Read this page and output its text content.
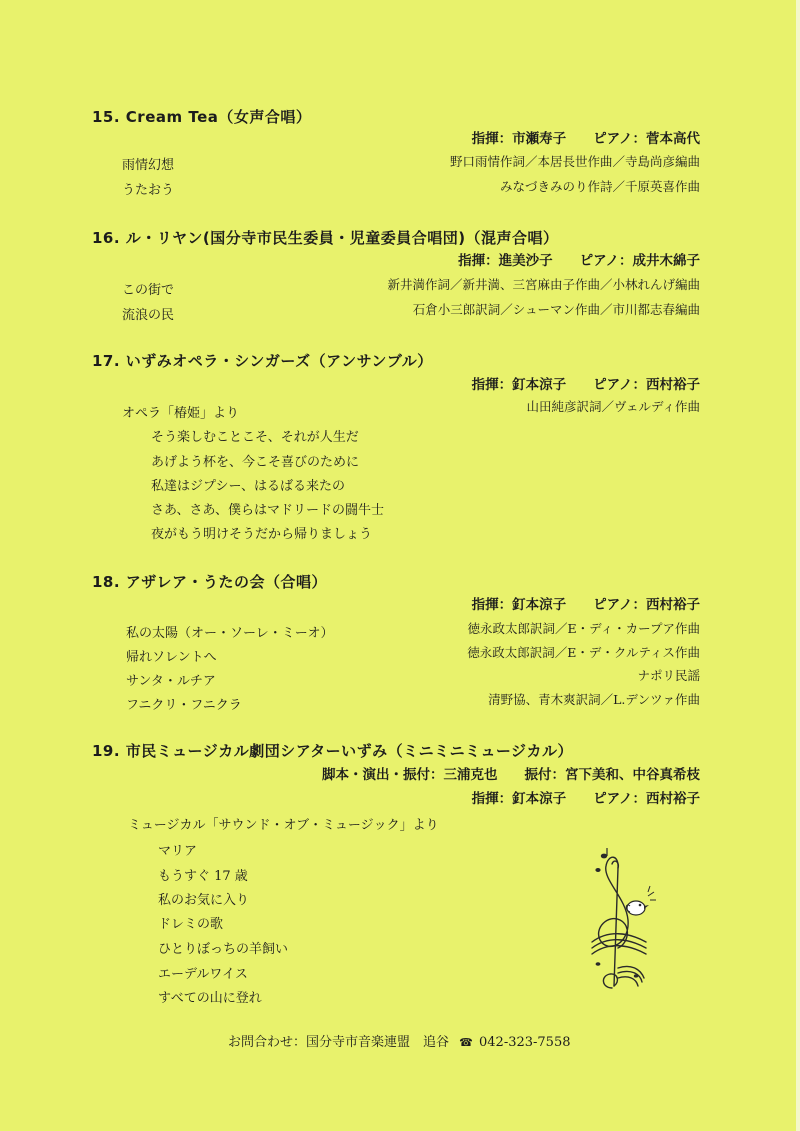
15. Cream Tea（女声合唱）
指揮：市瀬寿子　　ピアノ：菅本高代
雨情幻想	野口雨情作詞／本居長世作曲／寺島尚彦編曲
うたおう	みなづきみのり作詩／千原英喜作曲
16. ル・リヤン(国分寺市民生委員・児童委員合唱団)（混声合唱）
指揮：進美沙子　　ピアノ：成井木綿子
この街で	新井満作詞／新井満、三宮麻由子作曲／小林れんげ編曲
流浪の民	石倉小三郎訳詞／シューマン作曲／市川都志春編曲
17. いずみオペラ・シンガーズ（アンサンブル）
指揮：釘本涼子　　ピアノ：西村裕子
オペラ「椿姫」より	山田純彦訳詞／ヴェルディ作曲
そう楽しむことこそ、それが人生だ
あげよう杯を、今こそ喜びのために
私達はジプシー、はるばる来たの
さあ、さあ、僕らはマドリードの闘牛士
夜がもう明けそうだから帰りましょう
18. アザレア・うたの会（合唱）
指揮：釘本涼子　　ピアノ：西村裕子
私の太陽（オー・ソーレ・ミーオ）	徳永政太郎訳詞／E・ディ・カープア作曲
帰れソレントへ	徳永政太郎訳詞／E・デ・クルティス作曲
サンタ・ルチア	ナポリ民謡
フニクリ・フニクラ	清野協、青木爽訳詞／L.デンツァ作曲
19. 市民ミュージカル劇団シアターいずみ（ミニミニミュージカル）
脚本・演出・振付：三浦克也　　振付：宮下美和、中谷真希枝
指揮：釘本涼子　　ピアノ：西村裕子
ミュージカル「サウンド・オブ・ミュージック」より
マリア
もうすぐ 17 歳
私のお気に入り
ドレミの歌
ひとりぼっちの羊飼い
エーデルワイス
すべての山に登れ
お問合わせ：国分寺市音楽連盟　追谷 ☎ 042-323-7558
